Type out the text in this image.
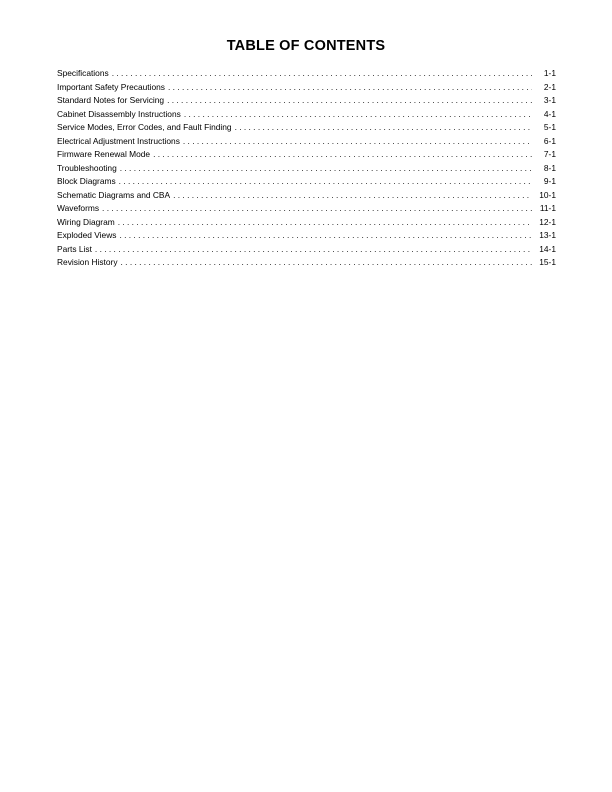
TABLE OF CONTENTS
Specifications . . .	1-1
Important Safety Precautions . . .	2-1
Standard Notes for Servicing . . .	3-1
Cabinet Disassembly Instructions . . .	4-1
Service Modes, Error Codes, and Fault Finding . . .	5-1
Electrical Adjustment Instructions . . .	6-1
Firmware Renewal Mode . . .	7-1
Troubleshooting . . .	8-1
Block Diagrams . . .	9-1
Schematic Diagrams and CBA . . .	10-1
Waveforms . . .	11-1
Wiring Diagram . . .	12-1
Exploded Views . . .	13-1
Parts List . . .	14-1
Revision History . . .	15-1
